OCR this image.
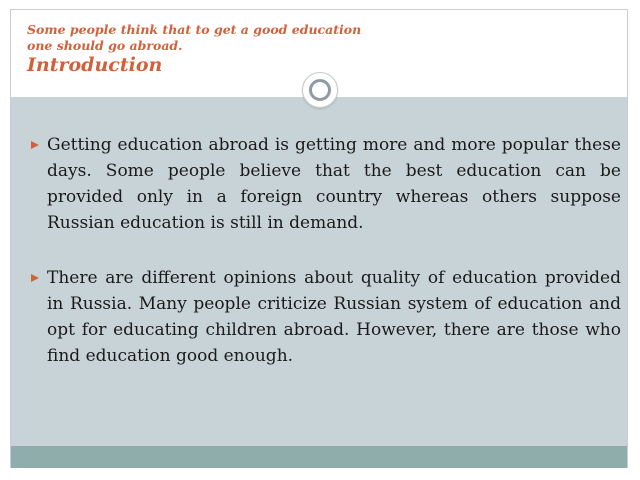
Some people think that to get a good education
one should go abroad.

Introduction
Getting education abroad is getting more and more popular these days. Some people believe that the best education can be provided only in a foreign country whereas others suppose Russian education is still in demand.
There are different opinions about quality of education provided in Russia. Many people criticize Russian system of education and opt for educating children abroad. However, there are those who find education good enough.
